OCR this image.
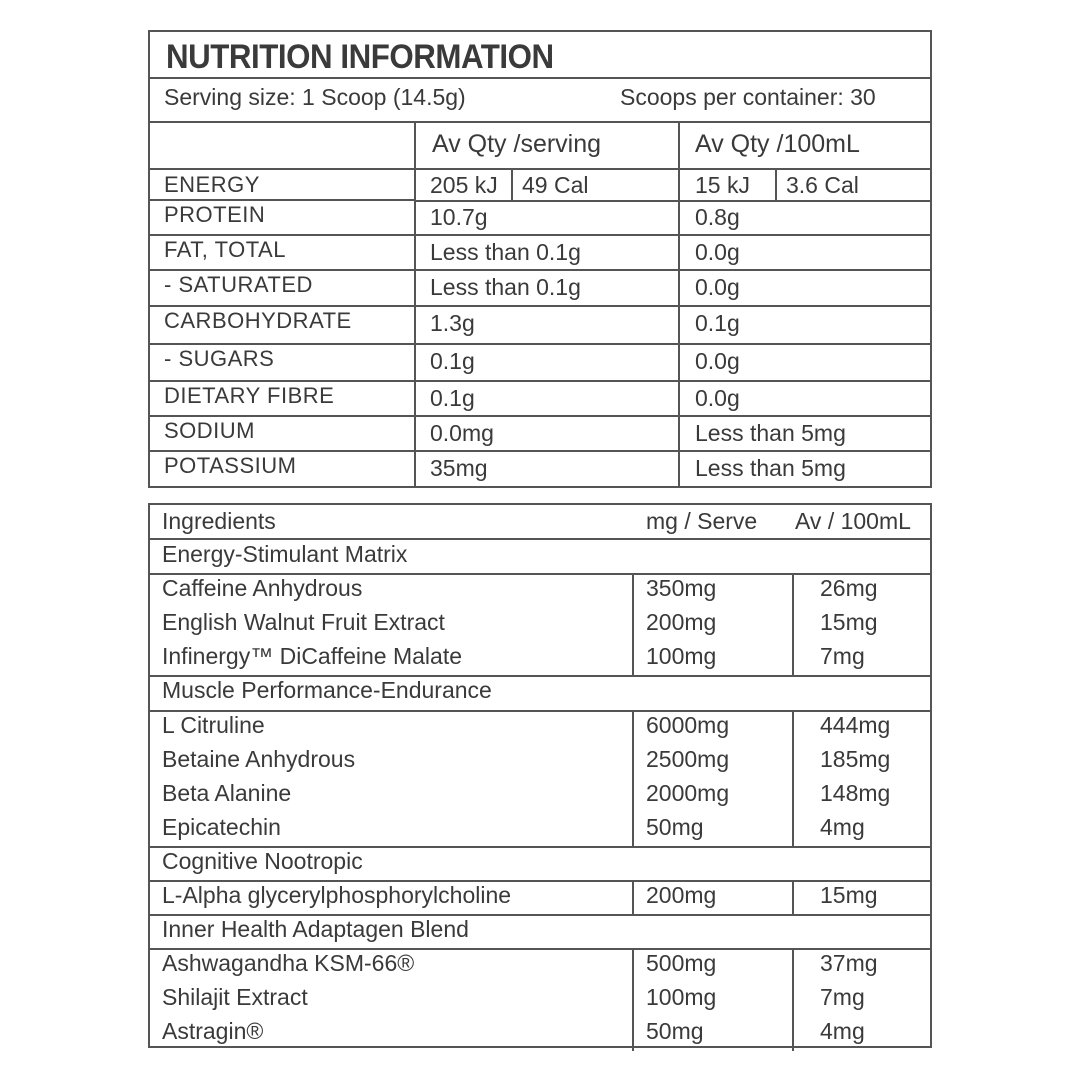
NUTRITION INFORMATION
Serving size: 1 Scoop (14.5g)	Scoops per container: 30
Av Qty /serving	Av Qty /100mL
ENERGY	205 kJ 49 Cal	15 kJ 3.6 Cal
PROTEIN	10.7g	0.8g
FAT, TOTAL	Less than 0.1g	0.0g
- SATURATED	Less than 0.1g	0.0g
CARBOHYDRATE	1.3g	0.1g
- SUGARS	0.1g	0.0g
DIETARY FIBRE	0.1g	0.0g
SODIUM	0.0mg	Less than 5mg
POTASSIUM	35mg	Less than 5mg
Ingredients	mg / Serve Av / 100mL
Energy-Stimulant Matrix
Caffeine Anhydrous	350mg	26mg
English Walnut Fruit Extract	200mg	15mg
Infinergy™ DiCaffeine Malate	100mg	7mg
Muscle Performance-Endurance
L Citruline	6000mg	444mg
Betaine Anhydrous	2500mg	185mg
Beta Alanine	2000mg	148mg
Epicatechin	50mg	4mg
Cognitive Nootropic
L-Alpha glycerylphosphorylcholine	200mg	15mg
Inner Health Adaptagen Blend
Ashwagandha KSM-66®	500mg	37mg
Shilajit Extract	100mg	7mg
Astragin®	50mg	4mg
